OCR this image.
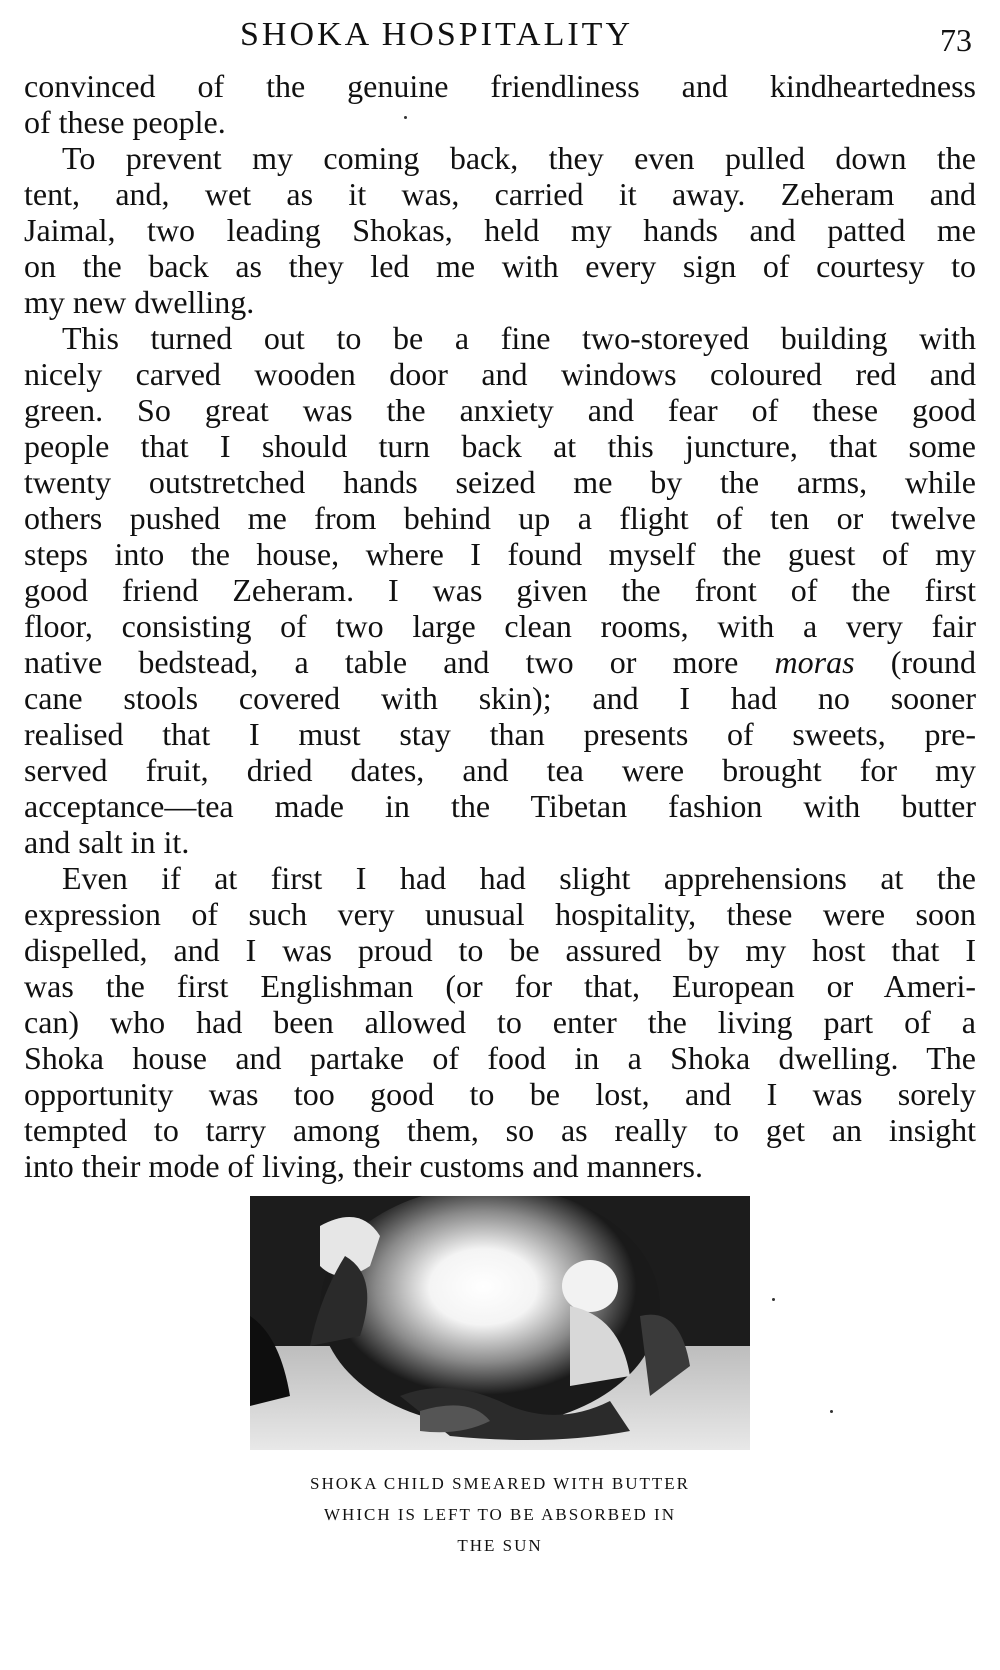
SHOKA HOSPITALITY	73
convinced of the genuine friendliness and kindheartedness
of these people.
To prevent my coming back, they even pulled down the
tent, and, wet as it was, carried it away. Zeheram and
Jaimal, two leading Shokas, held my hands and patted me
on the back as they led me with every sign of courtesy to
my new dwelling.
This turned out to be a fine two-storeyed building with
nicely carved wooden door and windows coloured red and
green. So great was the anxiety and fear of these good
people that I should turn back at this juncture, that some
twenty outstretched hands seized me by the arms, while
others pushed me from behind up a flight of ten or twelve
steps into the house, where I found myself the guest of my
good friend Zeheram. I was given the front of the first
floor, consisting of two large clean rooms, with a very fair
native bedstead, a table and two or more moras (round
cane stools covered with skin); and I had no sooner
realised that I must stay than presents of sweets, pre-
served fruit, dried dates, and tea were brought for my
acceptance—tea made in the Tibetan fashion with butter
and salt in it.
Even if at first I had had slight apprehensions at the
expression of such very unusual hospitality, these were soon
dispelled, and I was proud to be assured by my host that I
was the first Englishman (or for that, European or Ameri-
can) who had been allowed to enter the living part of a
Shoka house and partake of food in a Shoka dwelling. The
opportunity was too good to be lost, and I was sorely
tempted to tarry among them, so as really to get an insight
into their mode of living, their customs and manners.
SHOKA CHILD SMEARED WITH BUTTER
WHICH IS LEFT TO BE ABSORBED IN
THE SUN
